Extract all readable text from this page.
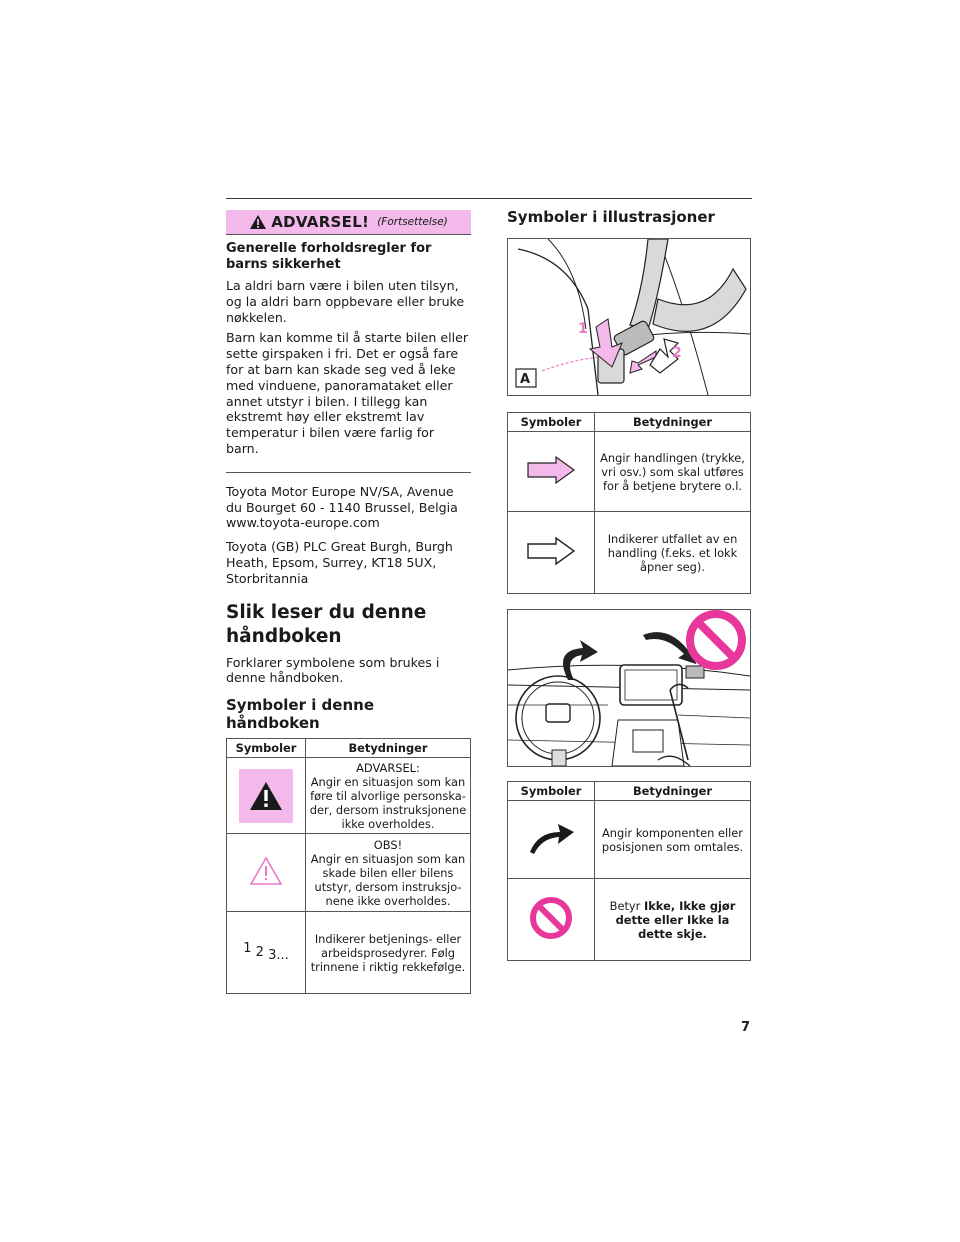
ADVARSEL! (Fortsettelse)
Generelle forholdsregler for barns sikkerhet

La aldri barn være i bilen uten tilsyn, og la aldri barn oppbevare eller bruke nøkkelen.

Barn kan komme til å starte bilen eller sette girspaken i fri. Det er også fare for at barn kan skade seg ved å leke med vinduene, panoramataket eller annet utstyr i bilen. I tillegg kan ekstremt høy eller ekstremt lav temperatur i bilen være farlig for barn.

Toyota Motor Europe NV/SA, Avenue du Bourget 60 - 1140 Brussel, Belgia www.toyota-europe.com

Toyota (GB) PLC Great Burgh, Burgh Heath, Epsom, Surrey, KT18 5UX, Storbritannia

Slik leser du denne håndboken

Forklarer symbolene som brukes i denne håndboken.

Symboler i denne håndboken
Symboler	Betydninger

ADVARSEL:
Angir en situasjon som kan føre til alvorlige personska-der, dersom instruksjonene ikke overholdes.

OBS!
Angir en situasjon som kan skade bilen eller bilens utstyr, dersom instruksjo-nene ikke overholdes.

1 2 3...	Indikerer betjenings- eller arbeidsprosedyrer. Følg trinnene i riktig rekkefølge.
Symboler i illustrasjoner
1
2
A
Symboler	Betydninger
	Angir handlingen (trykke, vri osv.) som skal utføres for å betjene brytere o.l.
	Indikerer utfallet av en handling (f.eks. et lokk åpner seg).
Symboler	Betydninger
	Angir komponenten eller posisjonen som omtales.
	Betyr Ikke, Ikke gjør dette eller Ikke la dette skje.
7
